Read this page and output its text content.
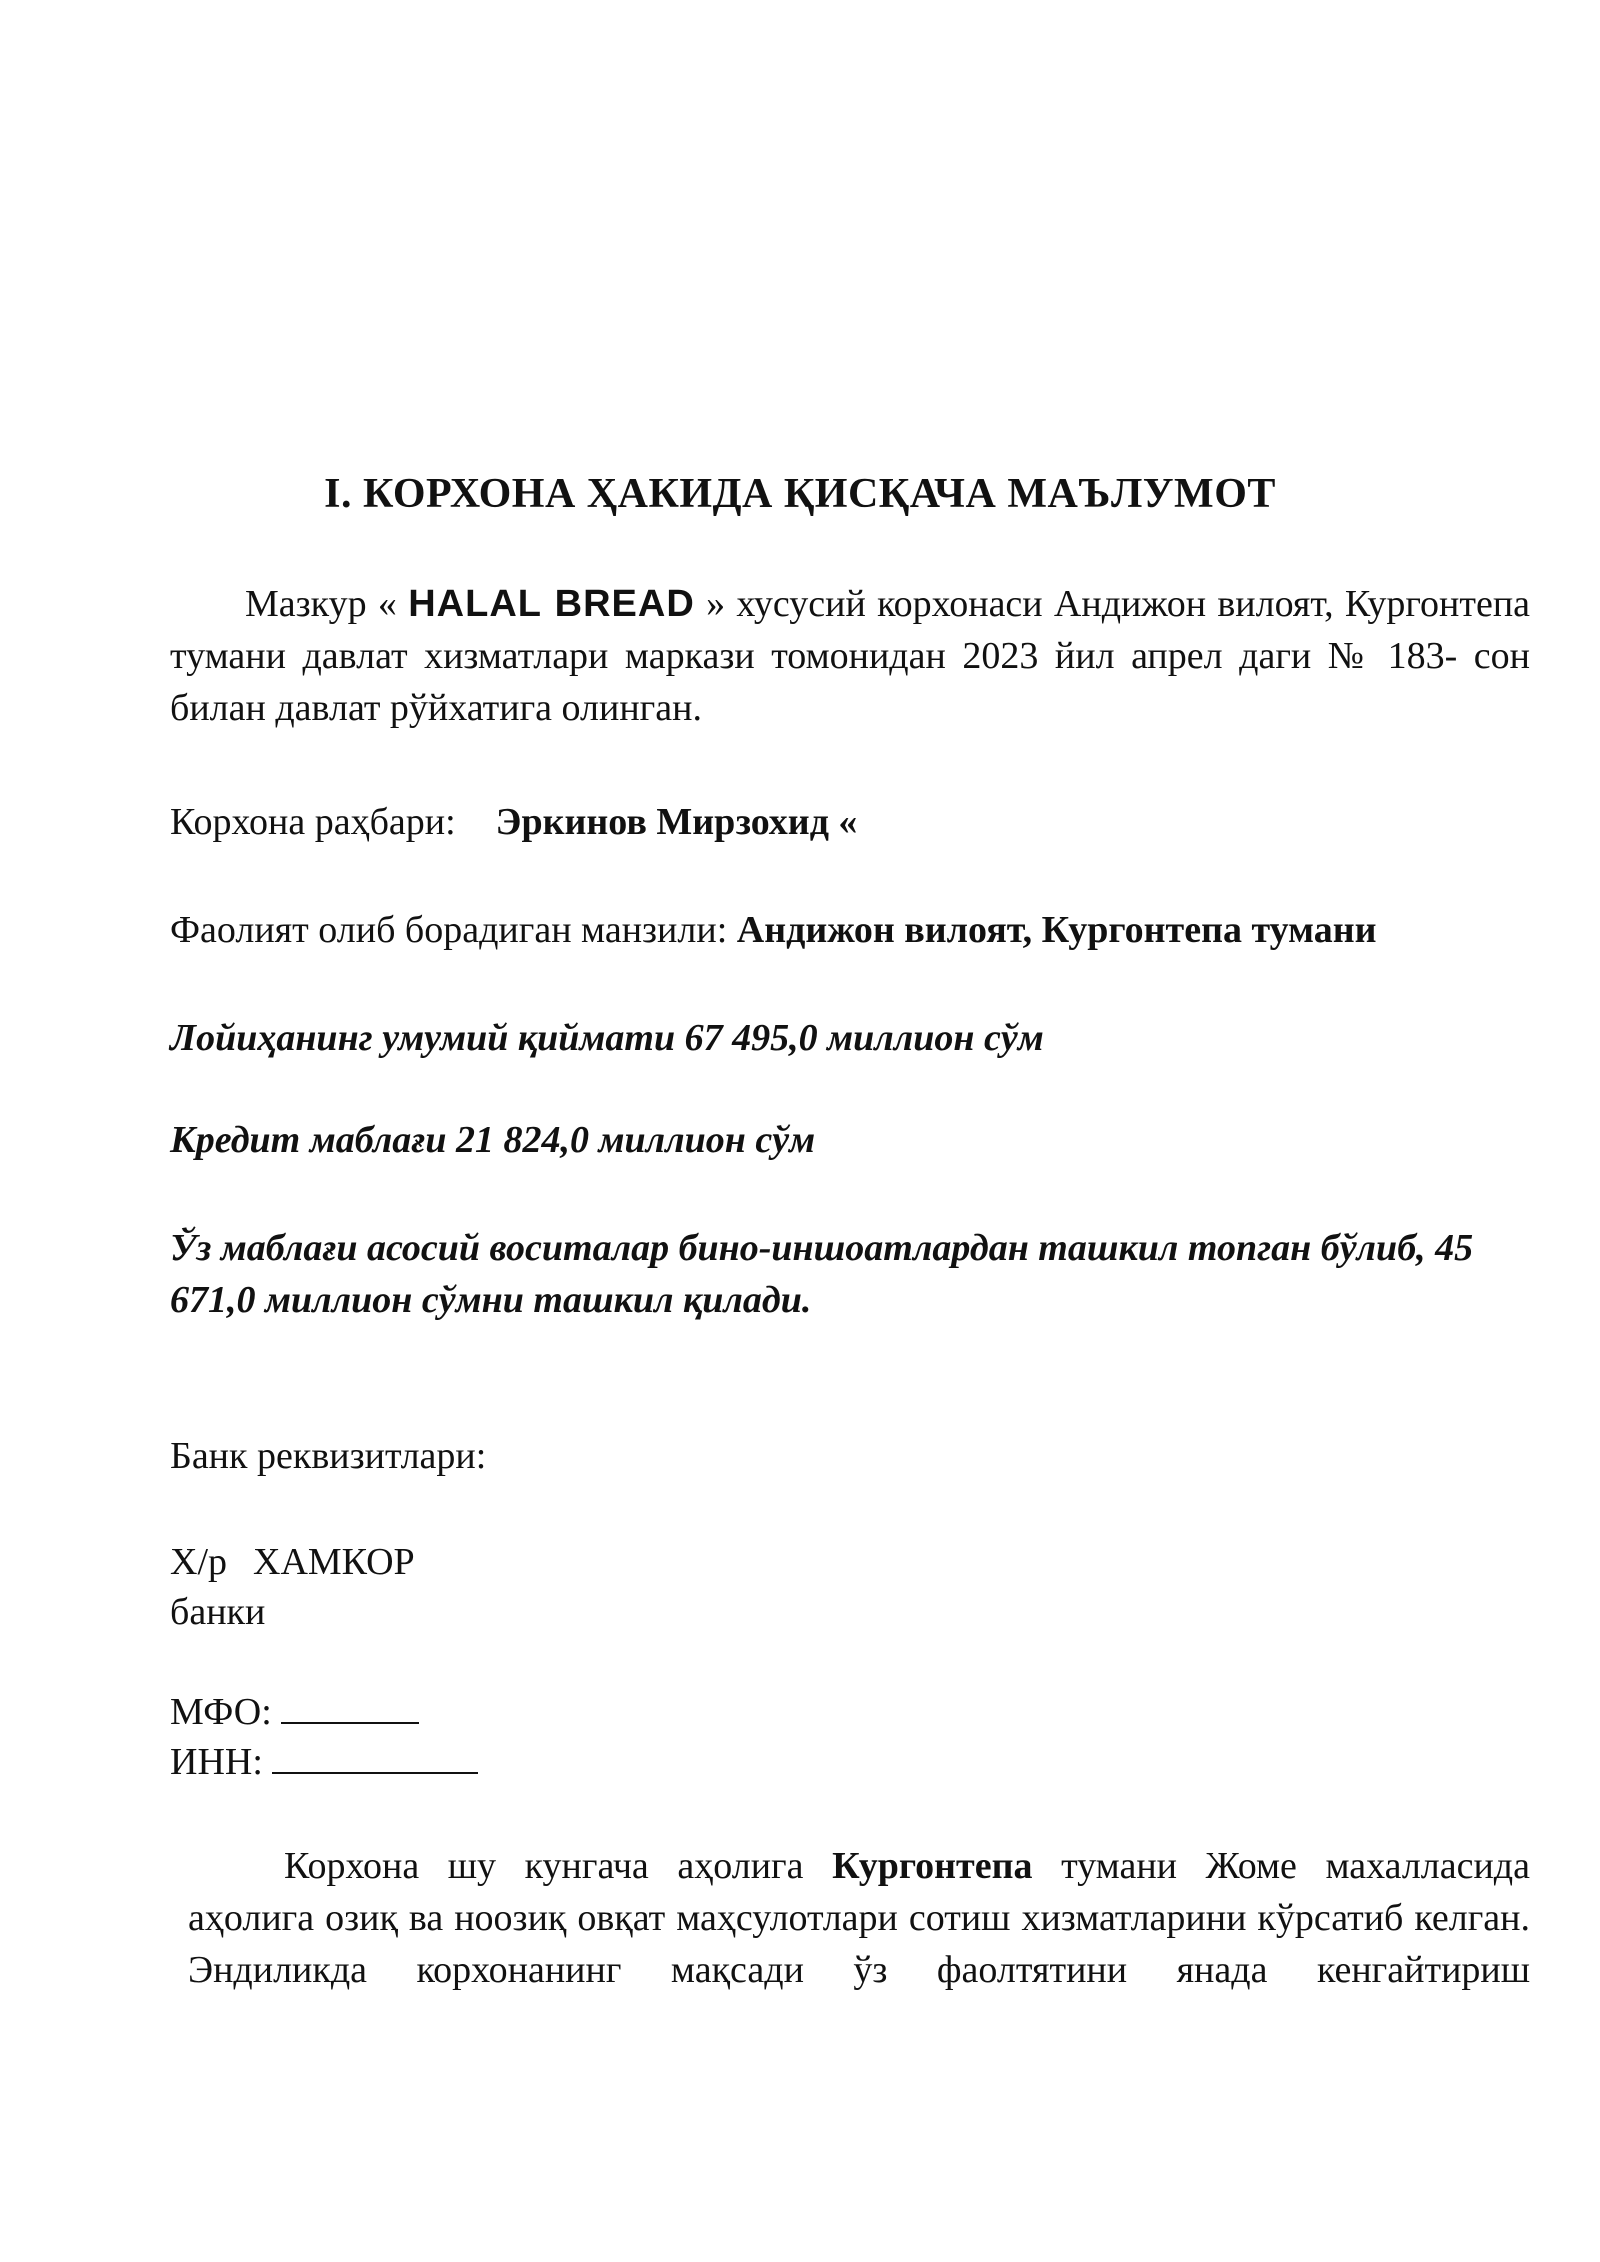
I. КОРХОНА ҲАКИДА ҚИСҚАЧА МАЪЛУМОТ
Мазкур « HALAL BREAD » хусусий корхонаси Андижон вилоят, Кургонтепа тумани давлат хизматлари маркази томонидан 2023 йил апрел даги № 183- сон билан давлат рўйхатига олинган.
Корхона раҳбари: Эркинов Мирзохид «
Фаолият олиб борадиган манзили: Андижон вилоят, Кургонтепа тумани
Лойиҳанинг умумий қиймати 67 495,0 миллион сўм
Кредит маблағи 21 824,0 миллион сўм
Ўз маблағи асосий воситалар бино-иншоатлардан ташкил топган бўлиб, 45 671,0 миллион сўмни ташкил қилади.
Банк реквизитлари:
Х/р ХАМКОР
банки
МФО:
ИНН:
Корхона шу кунгача аҳолига Кургонтепа тумани Жоме махалласида аҳолига озиқ ва ноозиқ овқат маҳсулотлари сотиш хизматларини кўрсатиб келган. Эндиликда корхонанинг мақсади ўз фаолтятини янада кенгайтириш
